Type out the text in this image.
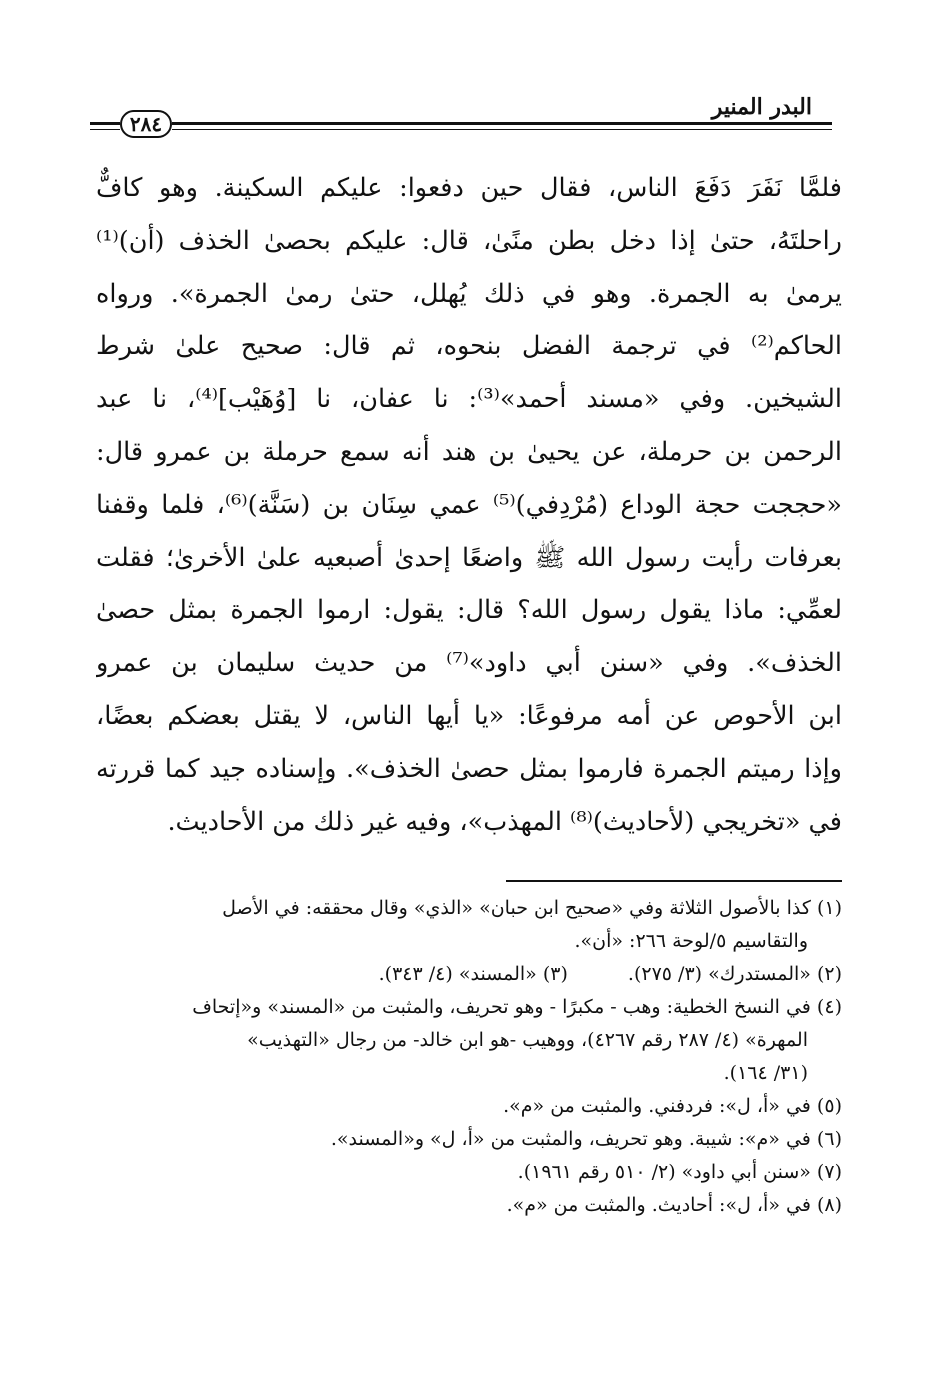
٢٨٤
البدر المنير
فلمَّا نَفَرَ دَفَعَ الناس، فقال حين دفعوا: عليكم السكينة. وهو كافٌّ
راحلتَهُ، حتىٰ إذا دخل بطن منًىٰ، قال: عليكم بحصىٰ الخذف (أن)⁽¹⁾
يرمىٰ به الجمرة. وهو في ذلك يُهلل، حتىٰ رمىٰ الجمرة». ورواه
الحاكم⁽²⁾ في ترجمة الفضل بنحوه، ثم قال: صحيح علىٰ شرط
الشيخين. وفي «مسند أحمد»⁽³⁾: نا عفان، نا [وُهَيْب]⁽⁴⁾، نا عبد
الرحمن بن حرملة، عن يحيىٰ بن هند أنه سمع حرملة بن عمرو قال:
«حججت حجة الوداع (مُرْدِفي)⁽⁵⁾ عمي سِنَان بن (سَنَّة)⁽⁶⁾، فلما وقفنا
بعرفات رأيت رسول الله ﷺ واضعًا إحدىٰ أصبعيه علىٰ الأخرىٰ؛ فقلت
لعمِّي: ماذا يقول رسول الله؟ قال: يقول: ارموا الجمرة بمثل حصىٰ
الخذف». وفي «سنن أبي داود»⁽⁷⁾ من حديث سليمان بن عمرو
ابن الأحوص عن أمه مرفوعًا: «يا أيها الناس، لا يقتل بعضكم بعضًا،
وإذا رميتم الجمرة فارموا بمثل حصىٰ الخذف». وإسناده جيد كما قررته
في «تخريجي (لأحاديث)⁽⁸⁾ المهذب»، وفيه غير ذلك من الأحاديث.
(١) كذا بالأصول الثلاثة وفي «صحيح ابن حبان» «الذي» وقال محققه: في الأصل
والتقاسيم ٥/لوحة ٢٦٦: «أن».
(٢) «المستدرك» (٣/ ٢٧٥).
(٣) «المسند» (٤/ ٣٤٣).
(٤) في النسخ الخطية: وهب - مكبرًا - وهو تحريف، والمثبت من «المسند» و«إتحاف
المهرة» (٤/ ٢٨٧ رقم ٤٢٦٧)، ووهيب -هو ابن خالد- من رجال «التهذيب»
(٣١/ ١٦٤).
(٥) في «أ، ل»: فردفني. والمثبت من «م».
(٦) في «م»: شيبة. وهو تحريف، والمثبت من «أ، ل» و«المسند».
(٧) «سنن أبي داود» (٢/ ٥١٠ رقم ١٩٦١).
(٨) في «أ، ل»: أحاديث. والمثبت من «م».
